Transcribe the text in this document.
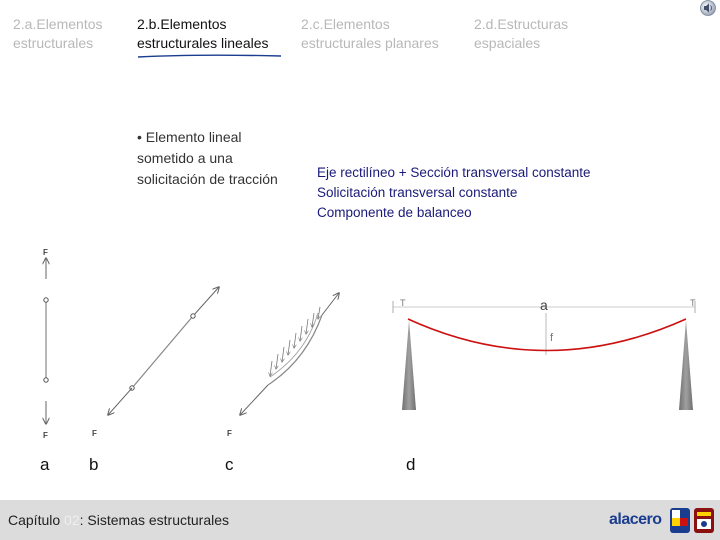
2.a.Elementos
estructurales
2.b.Elementos
estructurales lineales
2.c.Elementos
estructurales planares
2.d.Estructuras
espaciales
• Elemento lineal sometido a una solicitación de tracción	Eje rectilíneo + Sección transversal constante
Solicitación transversal constante
Componente de balanceo
F
F	F	F
T	T
a
f
a b	c	d
Capítulo 02: Sistemas estructurales	alacero
